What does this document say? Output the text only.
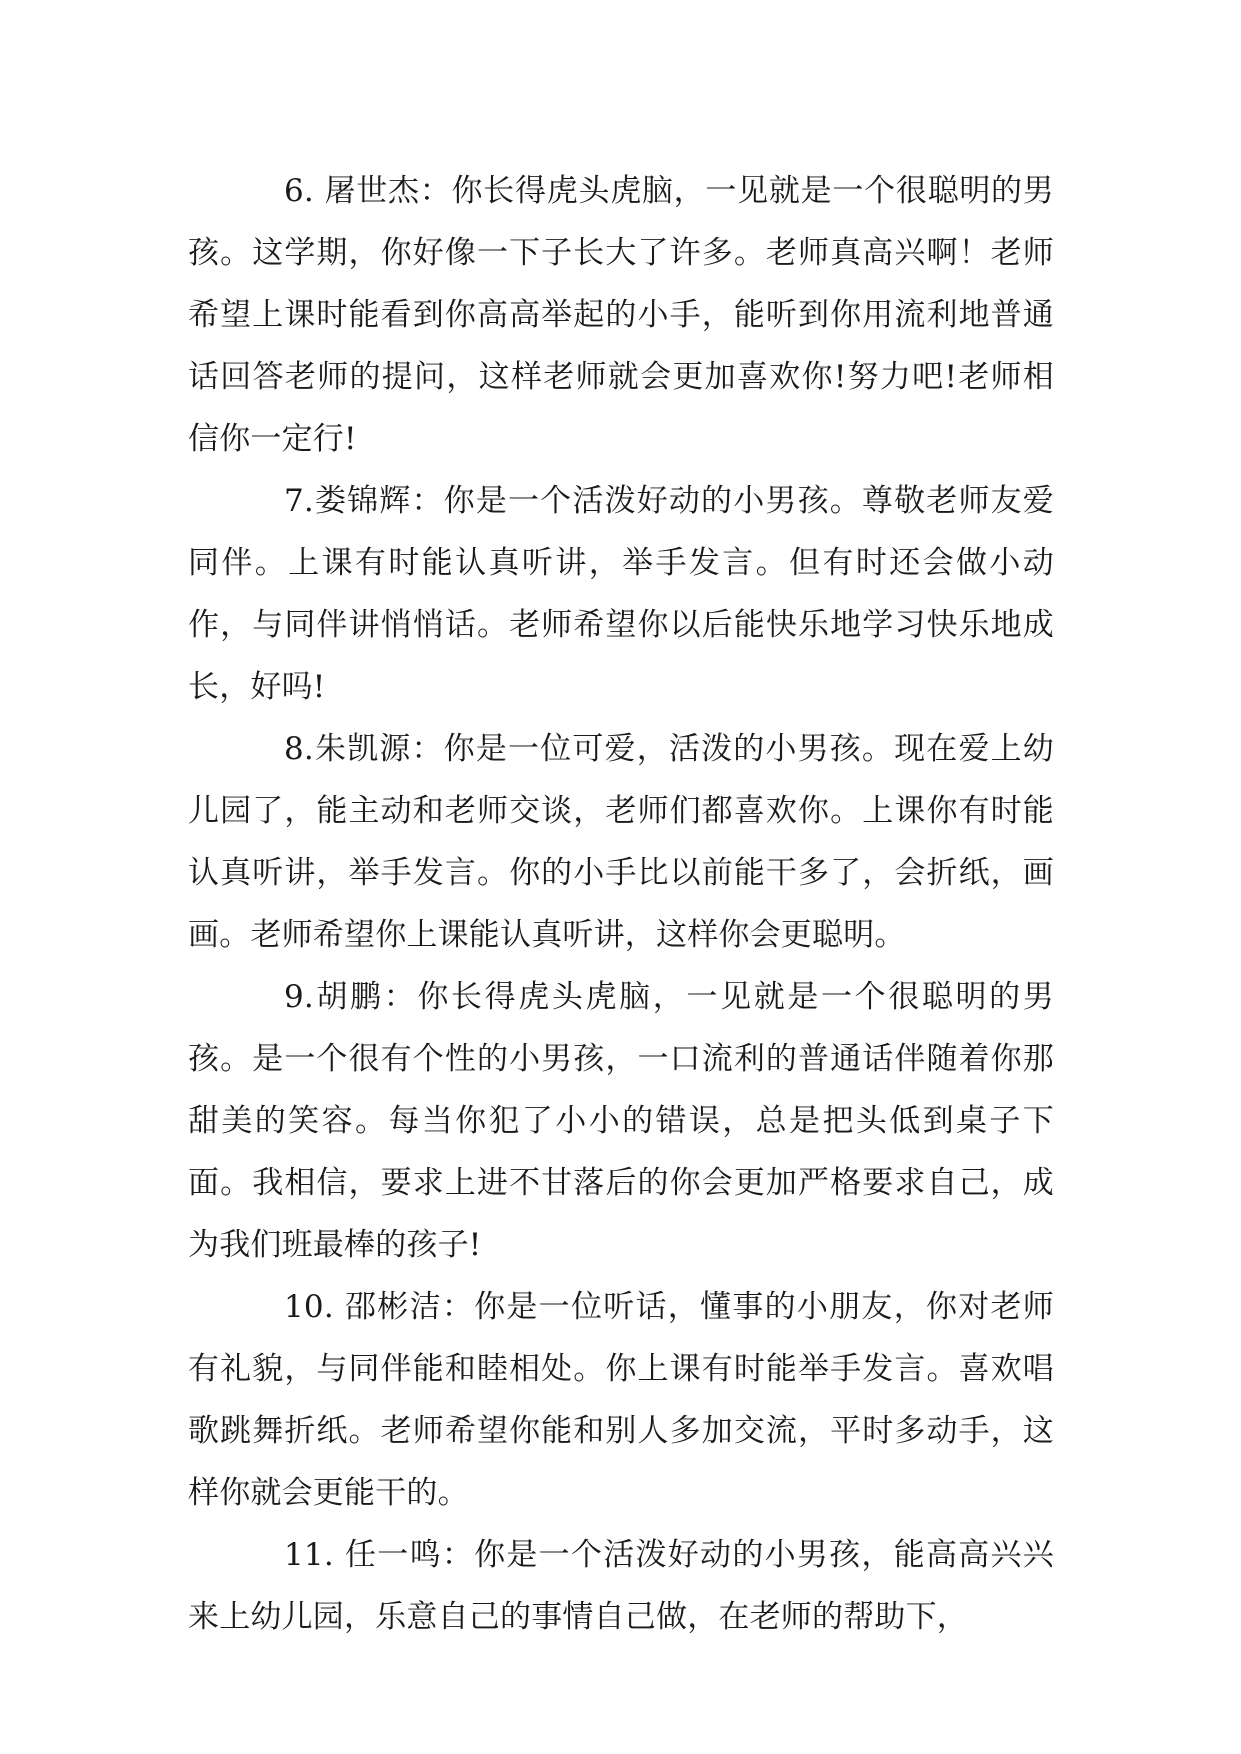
6. 屠世杰：你长得虎头虎脑，一见就是一个很聪明的男孩。这学期，你好像一下子长大了许多。老师真高兴啊！老师希望上课时能看到你高高举起的小手，能听到你用流利地普通话回答老师的提问，这样老师就会更加喜欢你!努力吧!老师相信你一定行!

7.娄锦辉：你是一个活泼好动的小男孩。尊敬老师友爱同伴。上课有时能认真听讲，举手发言。但有时还会做小动作，与同伴讲悄悄话。老师希望你以后能快乐地学习快乐地成长，好吗!

8.朱凯源：你是一位可爱，活泼的小男孩。现在爱上幼儿园了，能主动和老师交谈，老师们都喜欢你。上课你有时能认真听讲，举手发言。你的小手比以前能干多了，会折纸，画画。老师希望你上课能认真听讲，这样你会更聪明。

9.胡鹏：你长得虎头虎脑，一见就是一个很聪明的男孩。是一个很有个性的小男孩，一口流利的普通话伴随着你那甜美的笑容。每当你犯了小小的错误，总是把头低到桌子下面。我相信，要求上进不甘落后的你会更加严格要求自己，成为我们班最棒的孩子!

10. 邵彬洁：你是一位听话，懂事的小朋友，你对老师有礼貌，与同伴能和睦相处。你上课有时能举手发言。喜欢唱歌跳舞折纸。老师希望你能和别人多加交流，平时多动手，这样你就会更能干的。

11. 任一鸣：你是一个活泼好动的小男孩，能高高兴兴来上幼儿园，乐意自己的事情自己做，在老师的帮助下，
